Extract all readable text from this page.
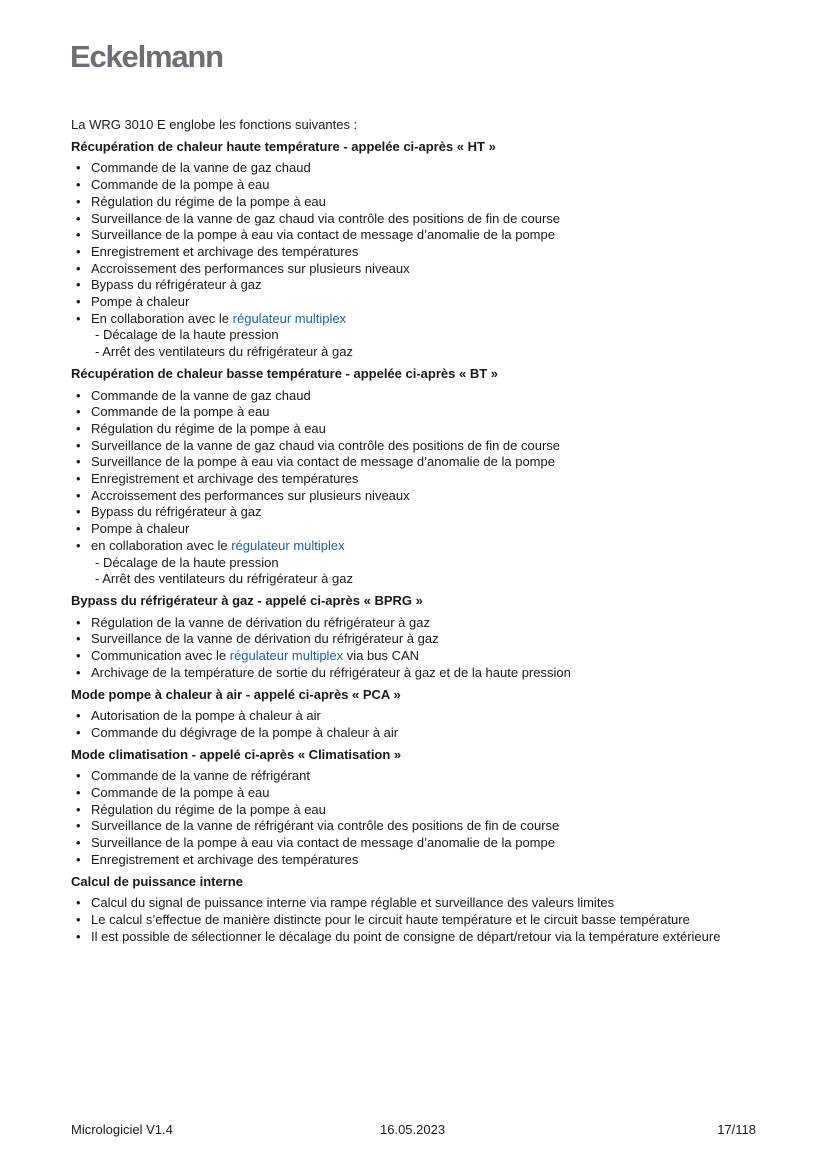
Eckelmann

La WRG 3010 E englobe les fonctions suivantes :

Récupération de chaleur haute température - appelée ci-après « HT »

• Commande de la vanne de gaz chaud
• Commande de la pompe à eau
• Régulation du régime de la pompe à eau
• Surveillance de la vanne de gaz chaud via contrôle des positions de fin de course
• Surveillance de la pompe à eau via contact de message d’anomalie de la pompe
• Enregistrement et archivage des températures
• Accroissement des performances sur plusieurs niveaux
• Bypass du réfrigérateur à gaz
• Pompe à chaleur
• En collaboration avec le régulateur multiplex
- Décalage de la haute pression
- Arrêt des ventilateurs du réfrigérateur à gaz

Récupération de chaleur basse température - appelée ci-après « BT »

• Commande de la vanne de gaz chaud
• Commande de la pompe à eau
• Régulation du régime de la pompe à eau
• Surveillance de la vanne de gaz chaud via contrôle des positions de fin de course
• Surveillance de la pompe à eau via contact de message d’anomalie de la pompe
• Enregistrement et archivage des températures
• Accroissement des performances sur plusieurs niveaux
• Bypass du réfrigérateur à gaz
• Pompe à chaleur
• en collaboration avec le régulateur multiplex
- Décalage de la haute pression
- Arrêt des ventilateurs du réfrigérateur à gaz

Bypass du réfrigérateur à gaz - appelé ci-après « BPRG »

• Régulation de la vanne de dérivation du réfrigérateur à gaz
• Surveillance de la vanne de dérivation du réfrigérateur à gaz
• Communication avec le régulateur multiplex via bus CAN
• Archivage de la température de sortie du réfrigérateur à gaz et de la haute pression

Mode pompe à chaleur à air - appelé ci-après « PCA »

• Autorisation de la pompe à chaleur à air
• Commande du dégivrage de la pompe à chaleur à air

Mode climatisation - appelé ci-après « Climatisation »

• Commande de la vanne de réfrigérant
• Commande de la pompe à eau
• Régulation du régime de la pompe à eau
• Surveillance de la vanne de réfrigérant via contrôle des positions de fin de course
• Surveillance de la pompe à eau via contact de message d’anomalie de la pompe
• Enregistrement et archivage des températures

Calcul de puissance interne

• Calcul du signal de puissance interne via rampe réglable et surveillance des valeurs limites
• Le calcul s’effectue de manière distincte pour le circuit haute température et le circuit basse température
• Il est possible de sélectionner le décalage du point de consigne de départ/retour via la température extérieure
Micrologiciel V1.4	16.05.2023	17/118
